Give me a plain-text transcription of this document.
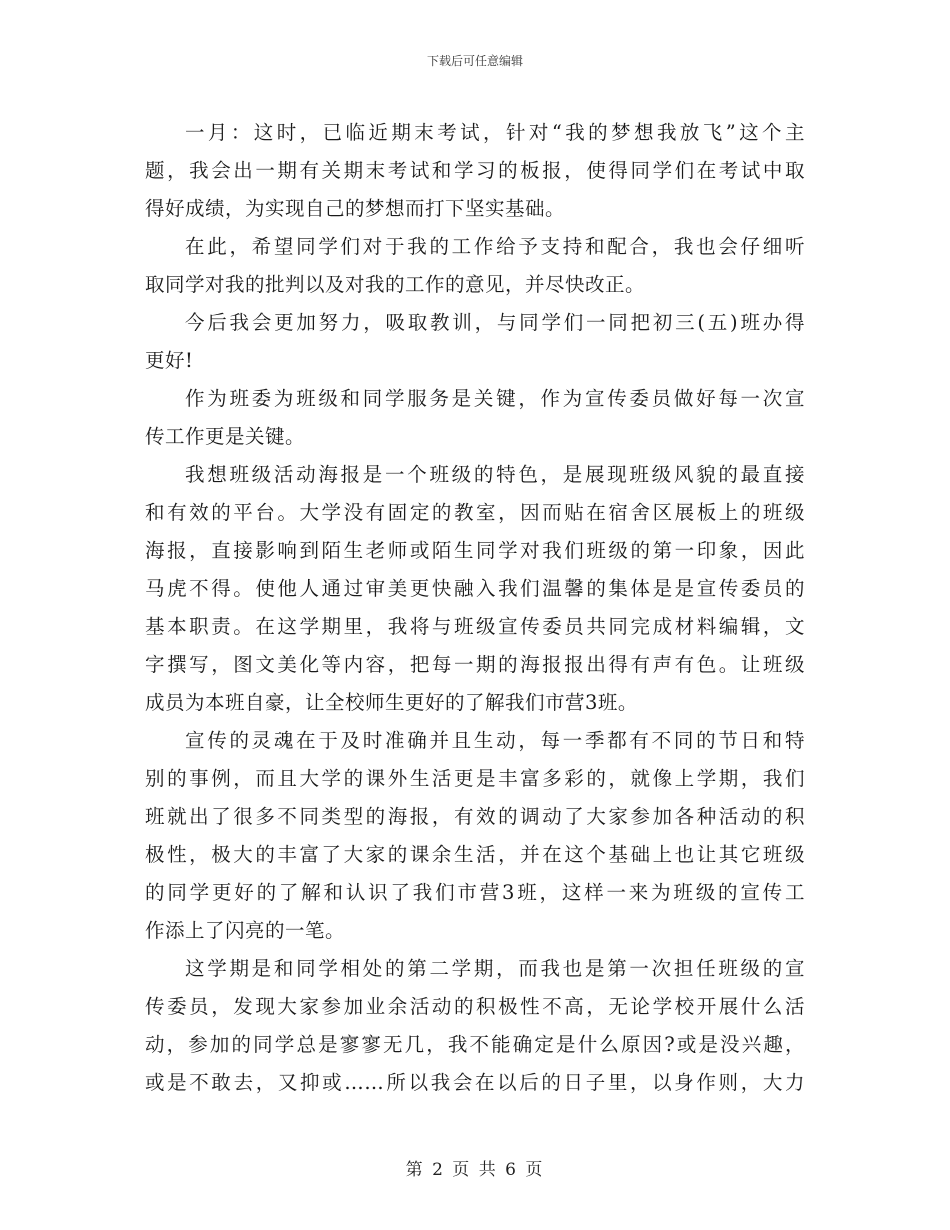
下载后可任意编辑
一月：这时，已临近期末考试，针对“我的梦想我放飞”这个主
题，我会出一期有关期末考试和学习的板报，使得同学们在考试中取
得好成绩，为实现自己的梦想而打下坚实基础。
在此，希望同学们对于我的工作给予支持和配合，我也会仔细听
取同学对我的批判以及对我的工作的意见，并尽快改正。
今后我会更加努力，吸取教训，与同学们一同把初三(五)班办得
更好!
作为班委为班级和同学服务是关键，作为宣传委员做好每一次宣
传工作更是关键。
我想班级活动海报是一个班级的特色，是展现班级风貌的最直接
和有效的平台。大学没有固定的教室，因而贴在宿舍区展板上的班级
海报，直接影响到陌生老师或陌生同学对我们班级的第一印象，因此
马虎不得。使他人通过审美更快融入我们温馨的集体是是宣传委员的
基本职责。在这学期里，我将与班级宣传委员共同完成材料编辑，文
字撰写，图文美化等内容，把每一期的海报报出得有声有色。让班级
成员为本班自豪，让全校师生更好的了解我们市营3班。
宣传的灵魂在于及时准确并且生动，每一季都有不同的节日和特
别的事例，而且大学的课外生活更是丰富多彩的，就像上学期，我们
班就出了很多不同类型的海报，有效的调动了大家参加各种活动的积
极性，极大的丰富了大家的课余生活，并在这个基础上也让其它班级
的同学更好的了解和认识了我们市营3班，这样一来为班级的宣传工
作添上了闪亮的一笔。
这学期是和同学相处的第二学期，而我也是第一次担任班级的宣
传委员，发现大家参加业余活动的积极性不高，无论学校开展什么活
动，参加的同学总是寥寥无几，我不能确定是什么原因?或是没兴趣，
或是不敢去，又抑或……所以我会在以后的日子里，以身作则，大力
第 2 页 共 6 页
